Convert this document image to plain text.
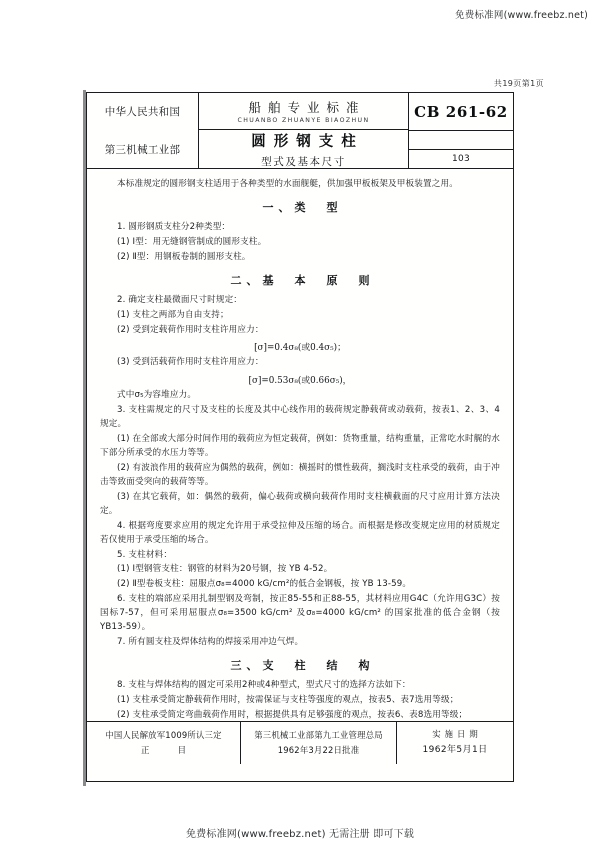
免费标准网(www.freebz.net)
共19页第1页
中华人民共和国
第三机械工业部
船舶专业标准
CHUANBO ZHUANYE BIAOZHUN
圆形钢支柱
型式及基本尺寸
CB 261-62
103

本标准规定的圆形钢支柱适用于各种类型的水面舰艇，供加强甲板板架及甲板装置之用。

一、类　型

1. 圆形钢质支柱分2种类型：

(1) Ⅰ型：用无缝钢管制成的圆形支柱。

(2) Ⅱ型：用钢板卷制的圆形支柱。

二、基　本　原　则

2. 确定支柱最微面尺寸时规定：

(1) 支柱之两部为自由支持；

(2) 受到定载荷作用时支柱许用应力：

[σ]=0.4σ₈(或0.4σ₅)；

(3) 受到活载荷作用时支柱许用应力：

[σ]=0.53σ₈(或0.66σ₅)，

式中σ₅为容堆应力。

3. 支柱需规定的尺寸及支柱的长度及其中心线作用的载荷规定静载荷或动载荷，按表1、2、3、4规定。

(1) 在全部或大部分时间作用的载荷应为恒定载荷，例如：货物重量，结构重量，正常吃水时艉的水下部分所承受的水压力等等。

(2) 有波浪作用的载荷应为偶然的载荷，例如：横摇时的惯性载荷，搁浅时支柱承受的载荷，由于冲击等致面受突向的载荷等等。

(3) 在其它载荷，如：偶然的载荷，偏心载荷或横向载荷作用时支柱横截面的尺寸应用计算方法决定。

4. 根据弯度要求应用的规定允许用于承受拉伸及压缩的场合。而根据是修改变规定应用的材质规定若仅使用于承受压缩的场合。

5. 支柱材料：

(1) Ⅰ型钢管支柱：钢管的材料为20号钢，按 YB 4-52。

(2) Ⅱ型卷板支柱：屈服点σ₈=4000 kG/cm²的低合金钢板，按 YB 13-59。

6. 支柱的端部应采用扎制型钢及弯制，按正85-55和正88-55，其材料应用G4C（允许用G3C）按国标7-57，但可采用屈服点σ₈=3500 kG/cm² 及σ₈=4000 kG/cm² 的国家批准的低合金钢（按 YB13-59）。

7. 所有圆支柱及焊体结构的焊接采用冲边气焊。

三、支　柱　结　构

8. 支柱与焊体结构的圆定可采用2种或4种型式，型式尺寸的选择方法如下：

(1) 支柱承受简定静载荷作用时，按需保证与支柱等强度的观点，按表5、表7选用等级；

(2) 支柱承受简定弯曲载荷作用时，根据提供具有足够强度的观点，按表6、表8选用等级；

中国人民解放军1009所认三定
正　目
第三机械工业部第九工业管理总局
1962年3月22日批准
实施日期
1962年5月1日
免费标准网(www.freebz.net) 无需注册 即可下载
